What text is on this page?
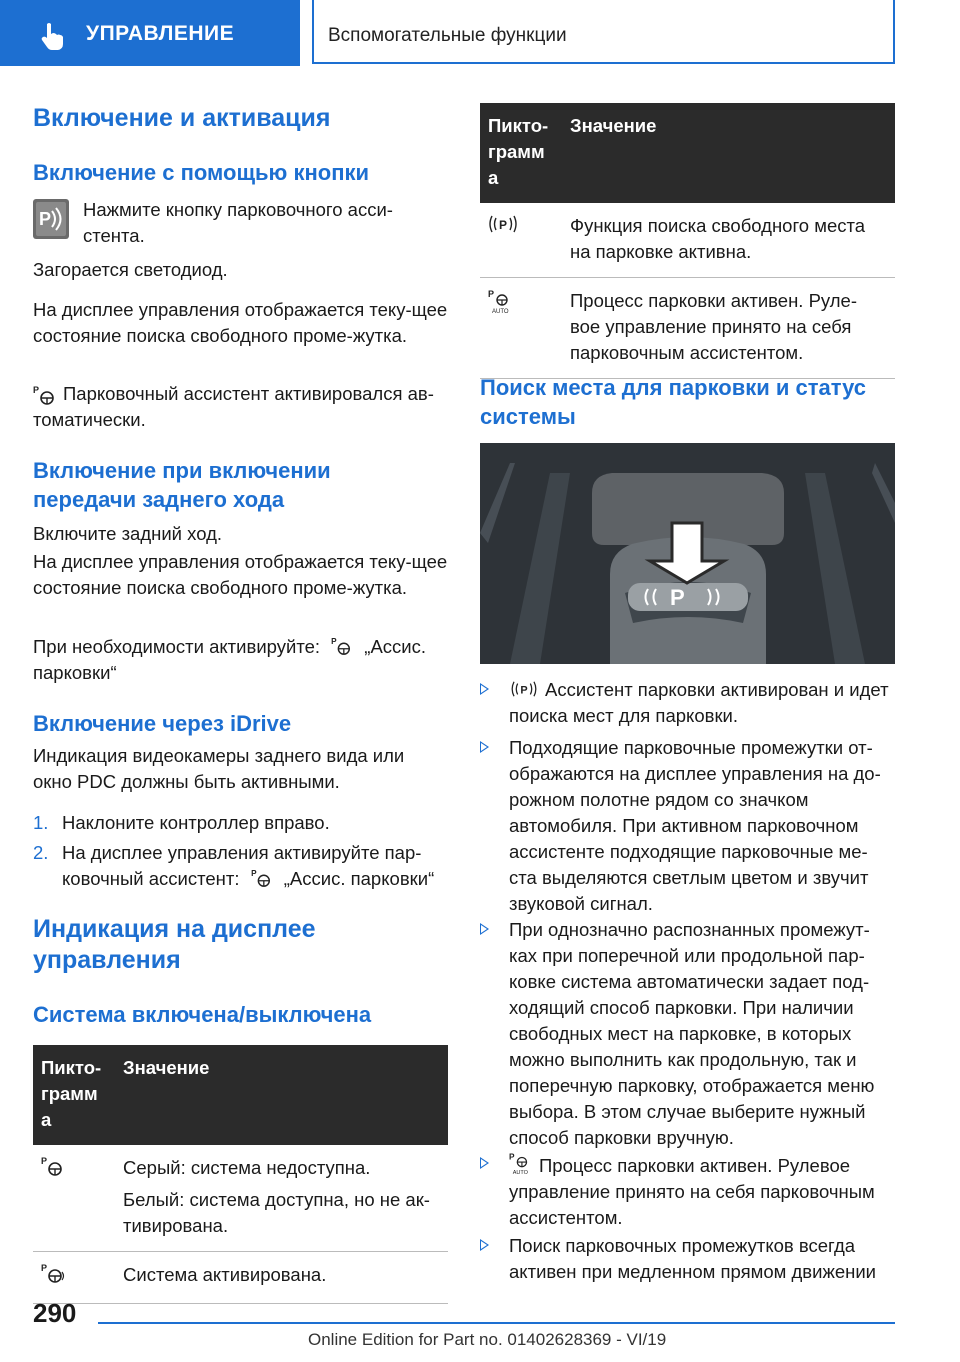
УПРАВЛЕНИЕ	Вспомогательные функции
Включение и активация
Включение с помощью кнопки
P Нажмите кнопку парковочного асси-стента.
Загорается светодиод.
На дисплее управления отображается теку-щее состояние поиска свободного проме-жутка.
P	Парковочный ассистент активировался ав-томатически.
Включение при включении передачи заднего хода
Включите задний ход.
На дисплее управления отображается теку-щее состояние поиска свободного проме-жутка.
При необходимости активируйте: P „Ассис. парковки“
Включение через iDrive
Индикация видеокамеры заднего вида или окно PDC должны быть активными.
1. Наклоните контроллер вправо.
2. На дисплее управления активируйте пар-ковочный ассистент: P „Ассис. парковки“
Индикация на дисплее управления
Система включена/выключена
Пикто-грамм а	Значение

P	Серый: система недоступна.
Белый: система доступна, но не ак-тивирована.

P	Система активирована.
Пикто-грамм а	Значение

P	Функция поиска свободного места на парковке активна.

P
AUTO	Процесс парковки активен. Руле-вое управление принято на себя парковочным ассистентом.
Поиск места для парковки и статус системы
P
P Ассистент парковки активирован и идет поиска мест для парковки.
Подходящие парковочные промежутки от-ображаются на дисплее управления на до-рожном полотне рядом со значком автомобиля. При активном парковочном ассистенте подходящие парковочные ме-ста выделяются светлым цветом и звучит звуковой сигнал.
При однозначно распознанных промежут-ках при поперечной или продольной пар-ковке система автоматически задает под-ходящий способ парковки. При наличии свободных мест на парковке, в которых можно выполнить как продольную, так и поперечную парковку, отображается меню выбора. В этом случае выберите нужный способ парковки вручную.
P
AUTO Процесс парковки активен. Рулевое управление принято на себя парковочным ассистентом.
Поиск парковочных промежутков всегда активен при медленном прямом движении
290
Online Edition for Part no. 01402628369 - VI/19
